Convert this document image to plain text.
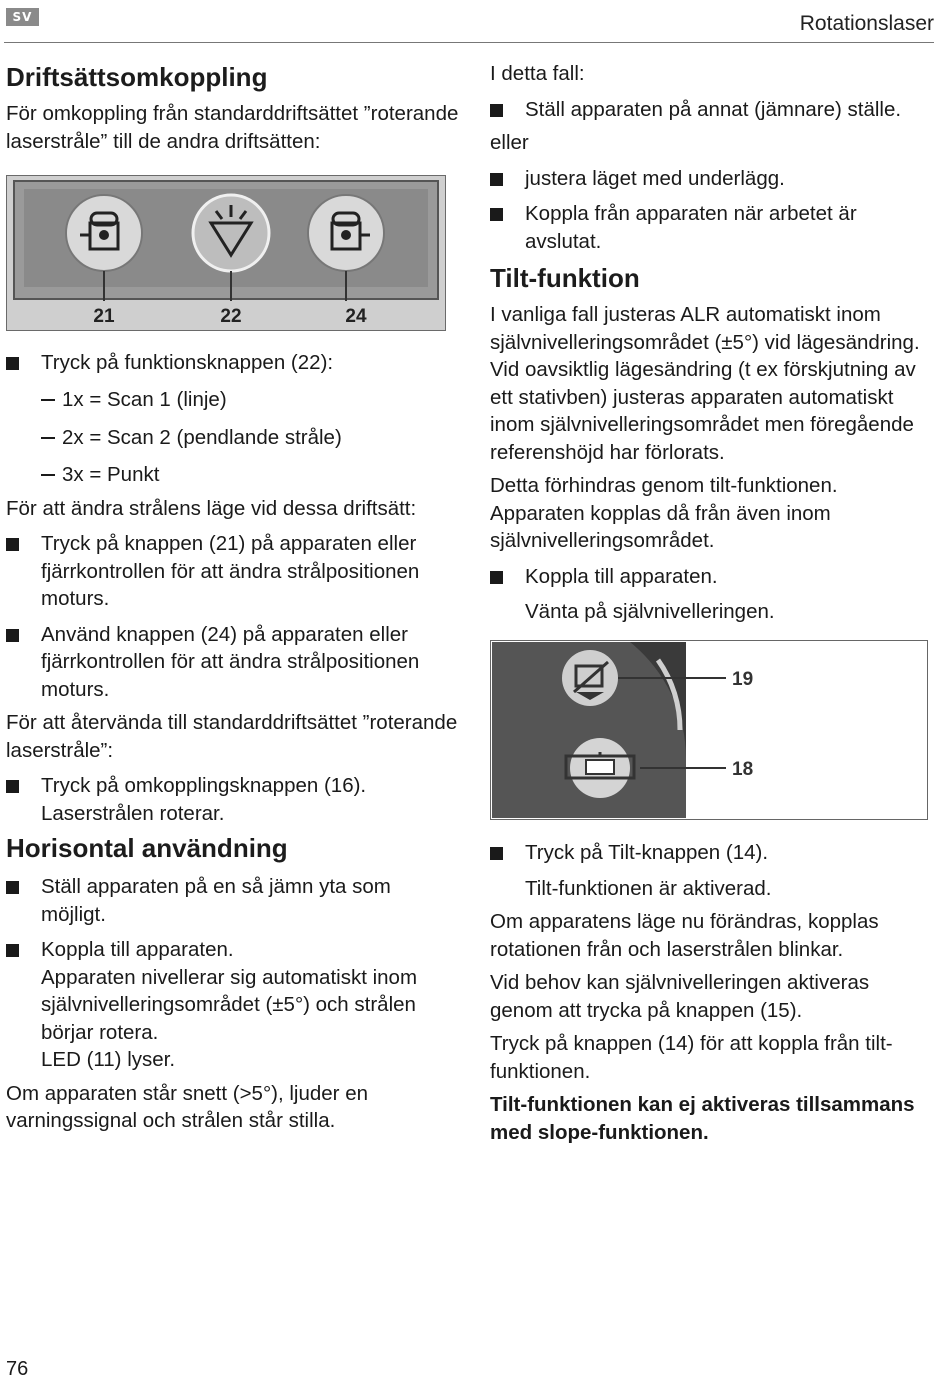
SV	Rotationslaser
Driftsättsomkoppling

För omkoppling från standarddriftsättet ”roterande laserstråle” till de andra driftsätten:

21	22	24
Tryck på funktionsknappen (22):
1x = Scan 1 (linje)
2x = Scan 2 (pendlande stråle)
3x = Punkt

För att ändra strålens läge vid dessa driftsätt:

Tryck på knappen (21) på apparaten eller fjärrkontrollen för att ändra strålpositionen moturs.
Använd knappen (24) på apparaten eller fjärrkontrollen för att ändra strålpositionen moturs.

För att återvända till standarddriftsättet ”roterande laserstråle”:

Tryck på omkopplingsknappen (16).
Laserstrålen roterar.
Horisontal användning
Ställ apparaten på en så jämn yta som möjligt.
Koppla till apparaten.
Apparaten nivellerar sig automatiskt inom självnivelleringsområdet (±5°) och strålen börjar rotera.
LED (11) lyser.

Om apparaten står snett (>5°), ljuder en varningssignal och strålen står stilla.

I detta fall:

Ställ apparaten på annat (jämnare) ställe.

eller

justera läget med underlägg.
Koppla från apparaten när arbetet är avslutat.
Tilt-funktion

I vanliga fall justeras ALR automatiskt inom självnivelleringsområdet (±5°) vid lägesändring. Vid oavsiktlig lägesändring (t ex förskjutning av ett stativben) justeras apparaten automatiskt inom självnivelleringsområdet men föregående referenshöjd har förlorats.

Detta förhindras genom tilt-funktionen. Apparaten kopplas då från även inom självnivelleringsområdet.

Koppla till apparaten.
Vänta på självnivelleringen.
19
18
Tryck på Tilt-knappen (14).
Tilt-funktionen är aktiverad.

Om apparatens läge nu förändras, kopplas rotationen från och laserstrålen blinkar.

Vid behov kan självnivelleringen aktiveras genom att trycka på knappen (15).

Tryck på knappen (14) för att koppla från tilt-funktionen.

Tilt-funktionen kan ej aktiveras tillsammans med slope-funktionen.

76
